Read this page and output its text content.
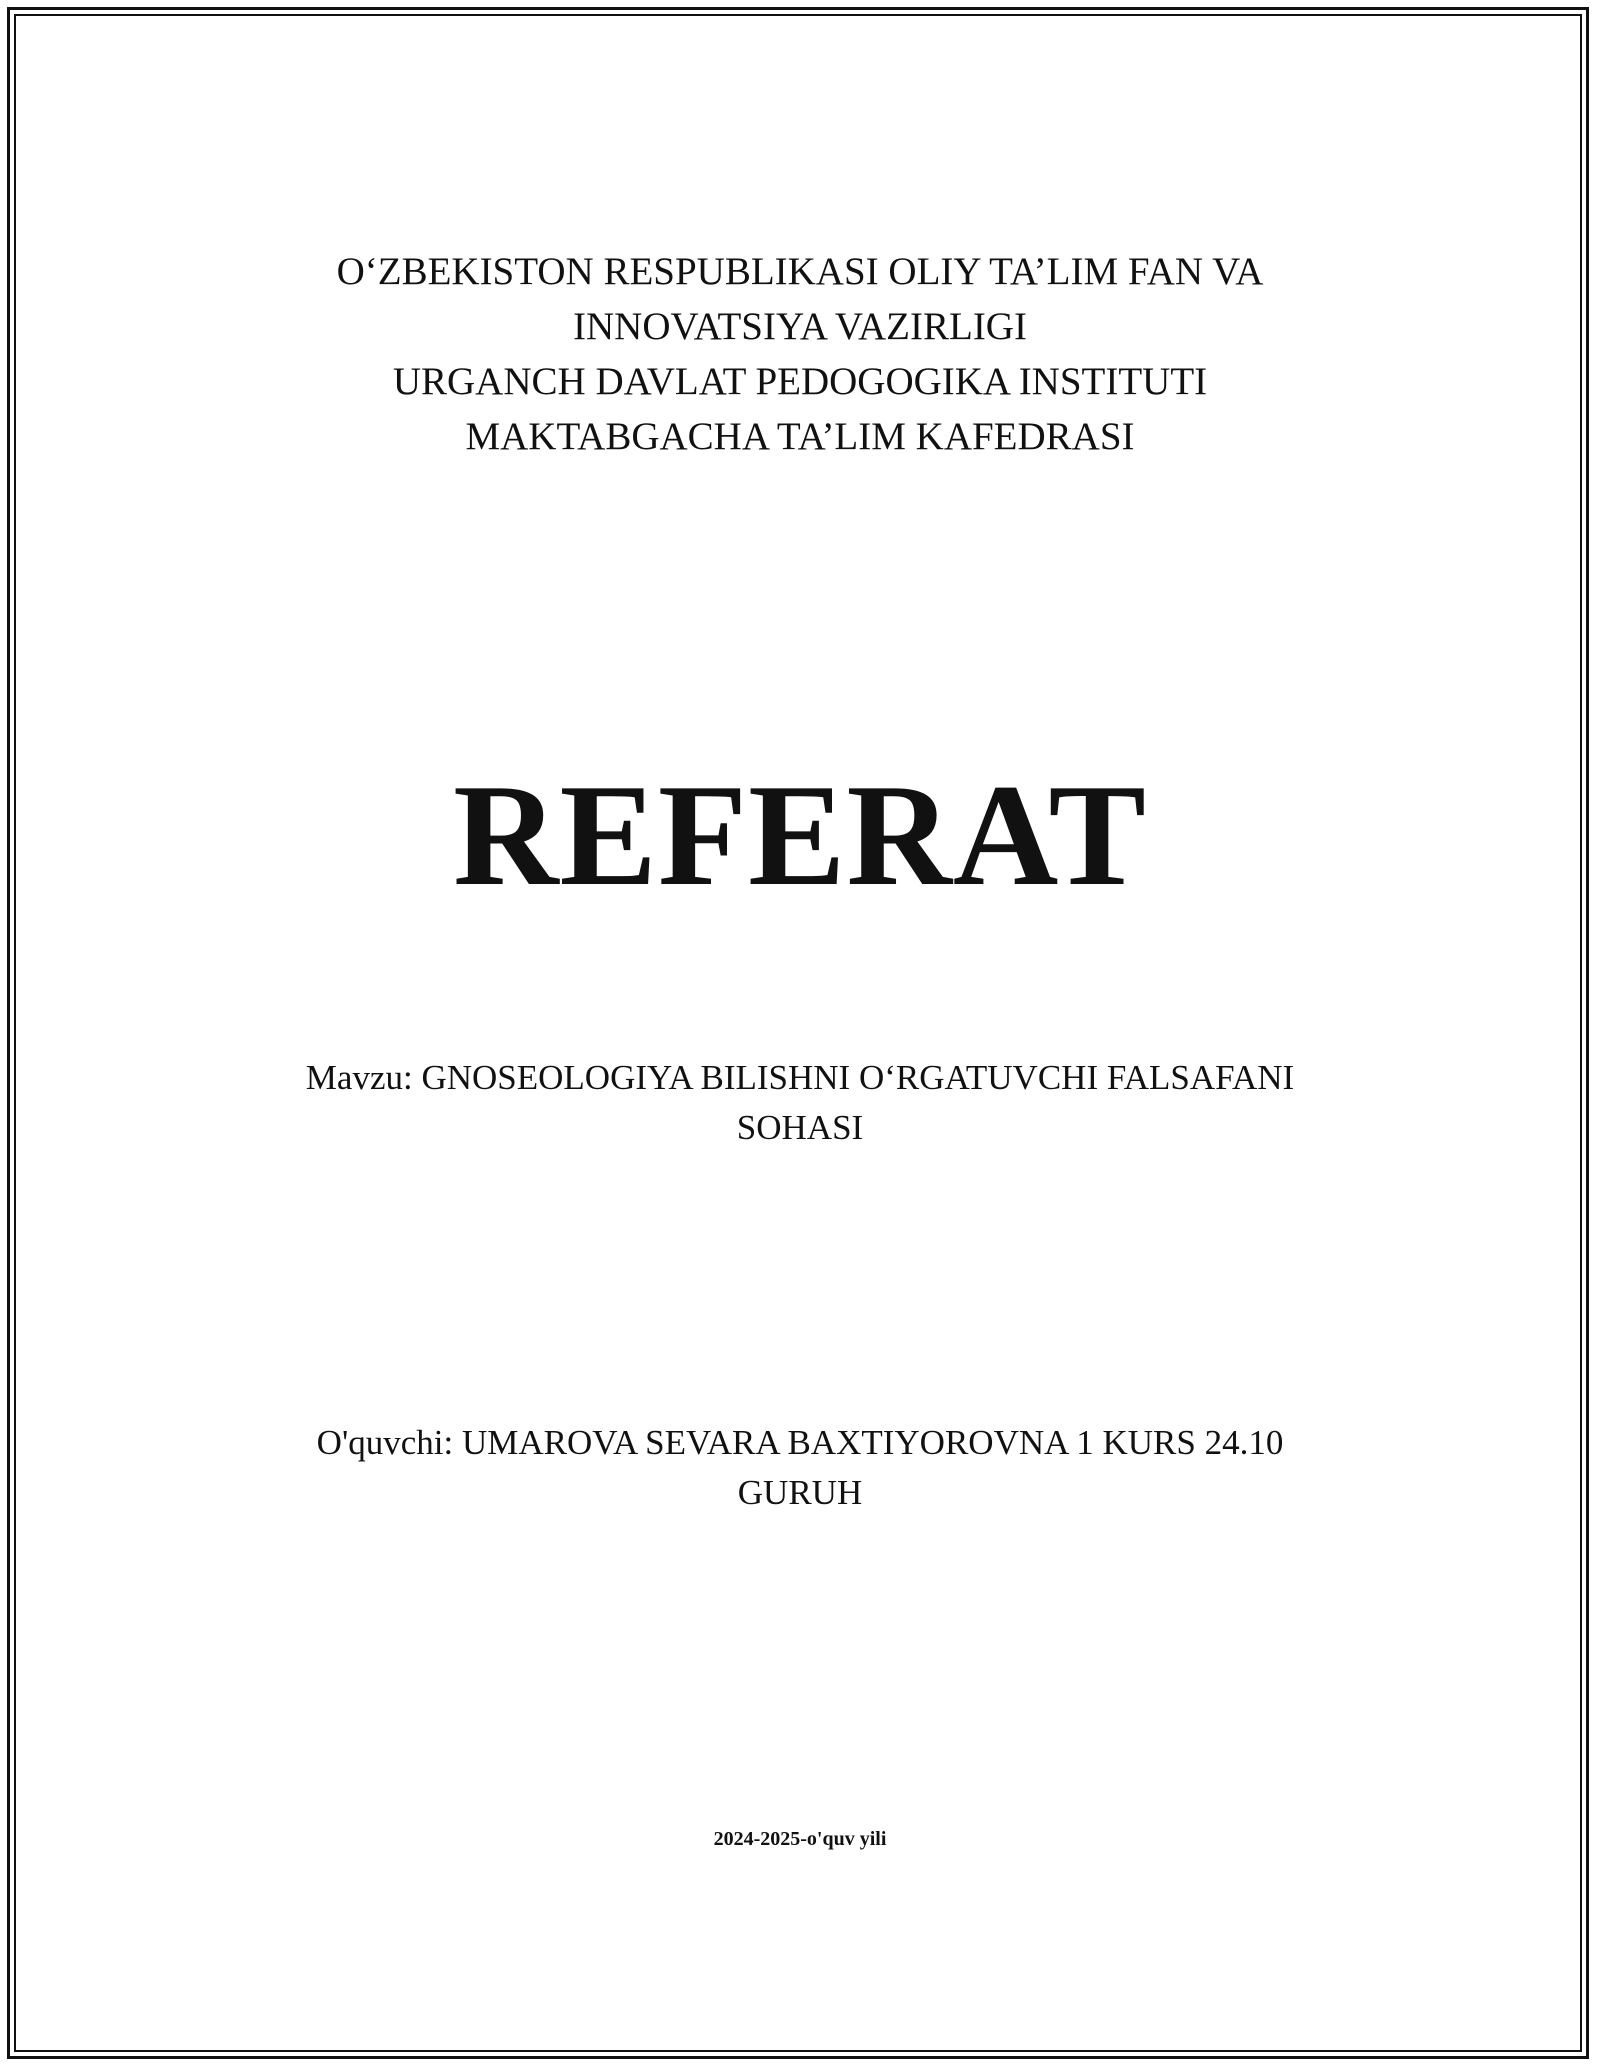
O‘ZBEKISTON RESPUBLIKASI OLIY TA’LIM FAN VA
INNOVATSIYA VAZIRLIGI
URGANCH DAVLAT PEDOGOGIKA INSTITUTI
MAKTABGACHA TA’LIM KAFEDRASI
REFERAT
Mavzu: GNOSEOLOGIYA BILISHNI O‘RGATUVCHI FALSAFANI
SOHASI
O'quvchi: UMAROVA SEVARA BAXTIYOROVNA 1 KURS 24.10
GURUH
2024-2025-o'quv yili
